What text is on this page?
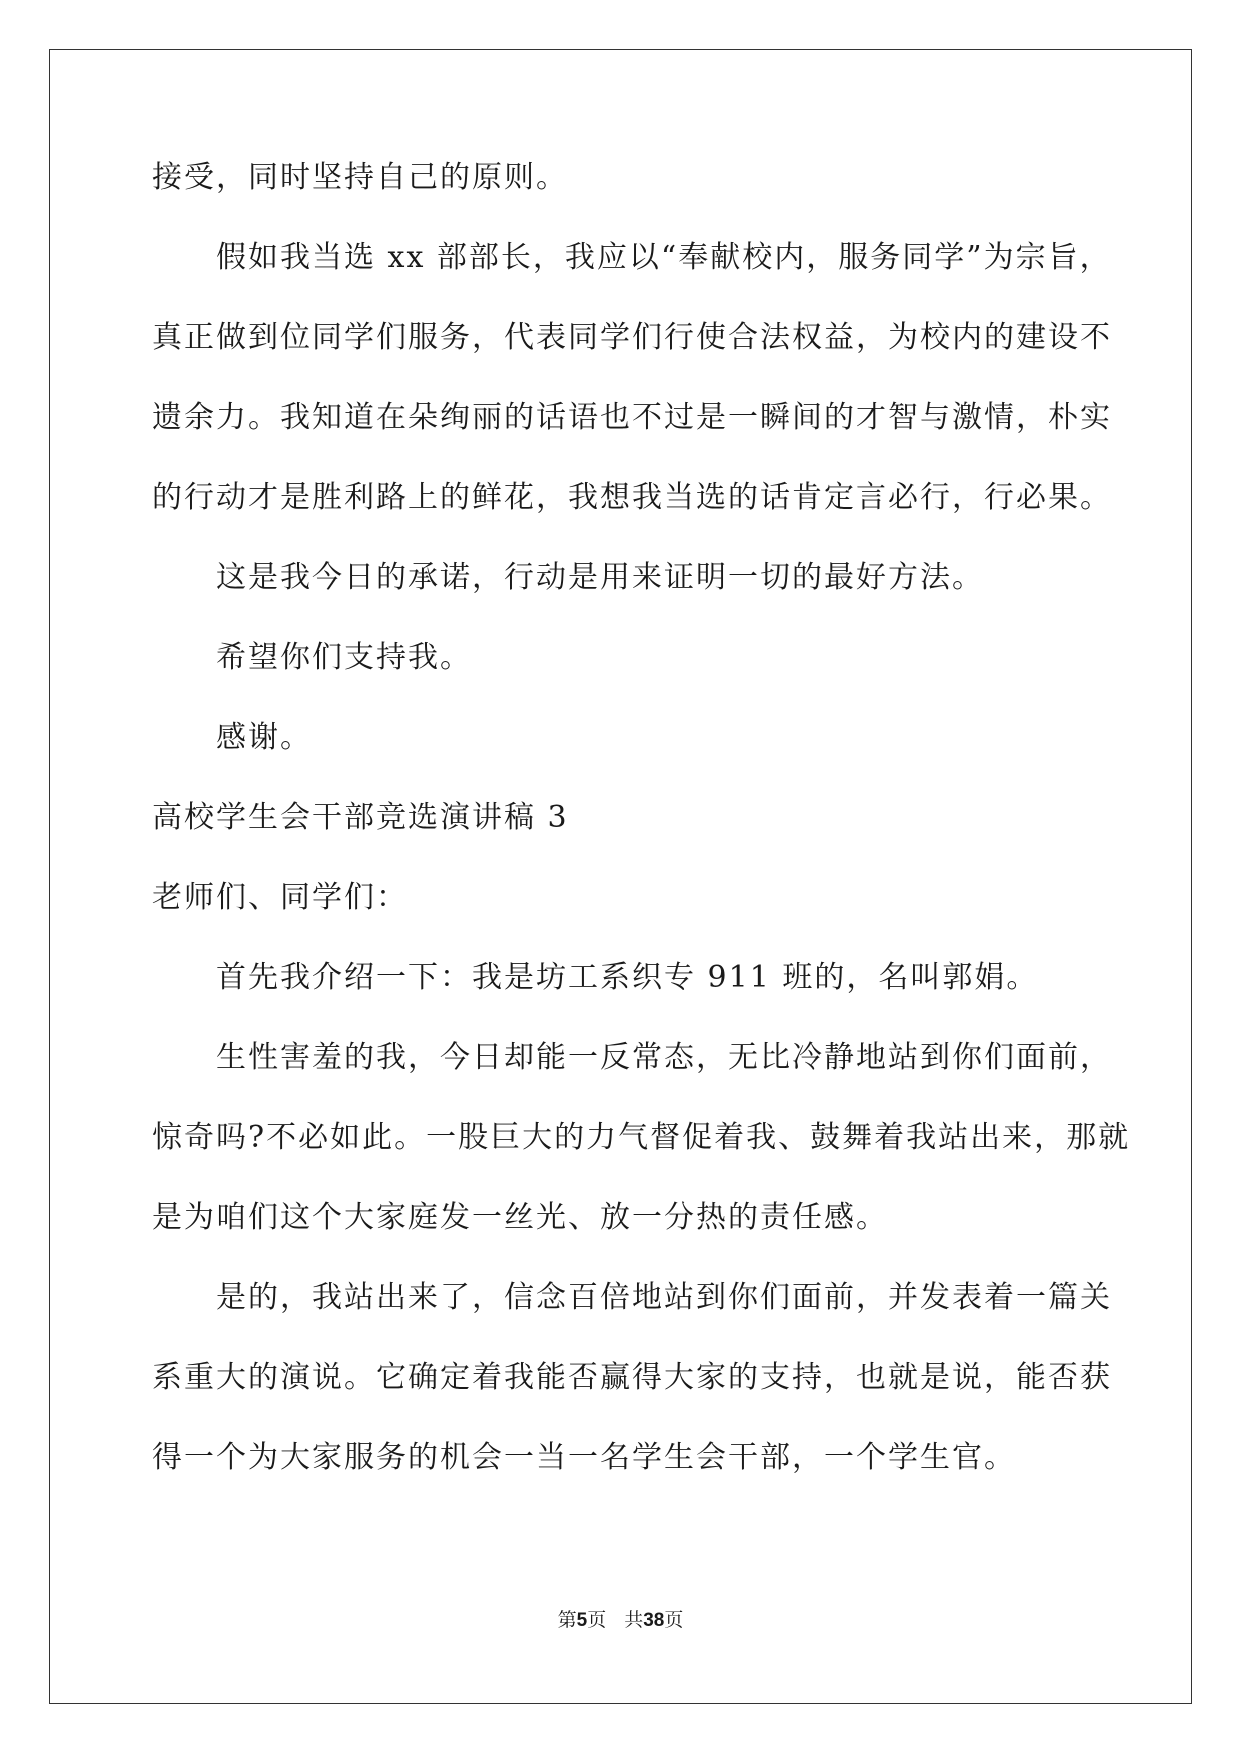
接受，同时坚持自己的原则。
假如我当选 xx 部部长，我应以“奉献校内，服务同学”为宗旨，
真正做到位同学们服务，代表同学们行使合法权益，为校内的建设不
遗余力。我知道在朵绚丽的话语也不过是一瞬间的才智与激情，朴实
的行动才是胜利路上的鲜花，我想我当选的话肯定言必行，行必果。
这是我今日的承诺，行动是用来证明一切的最好方法。
希望你们支持我。
感谢。
高校学生会干部竞选演讲稿 3
老师们、同学们：
首先我介绍一下：我是坊工系织专 911 班的，名叫郭娟。
生性害羞的我，今日却能一反常态，无比冷静地站到你们面前，
惊奇吗?不必如此。一股巨大的力气督促着我、鼓舞着我站出来，那就
是为咱们这个大家庭发一丝光、放一分热的责任感。
是的，我站出来了，信念百倍地站到你们面前，并发表着一篇关
系重大的演说。它确定着我能否赢得大家的支持，也就是说，能否获
得一个为大家服务的机会一当一名学生会干部，一个学生官。
第5页 共38页
